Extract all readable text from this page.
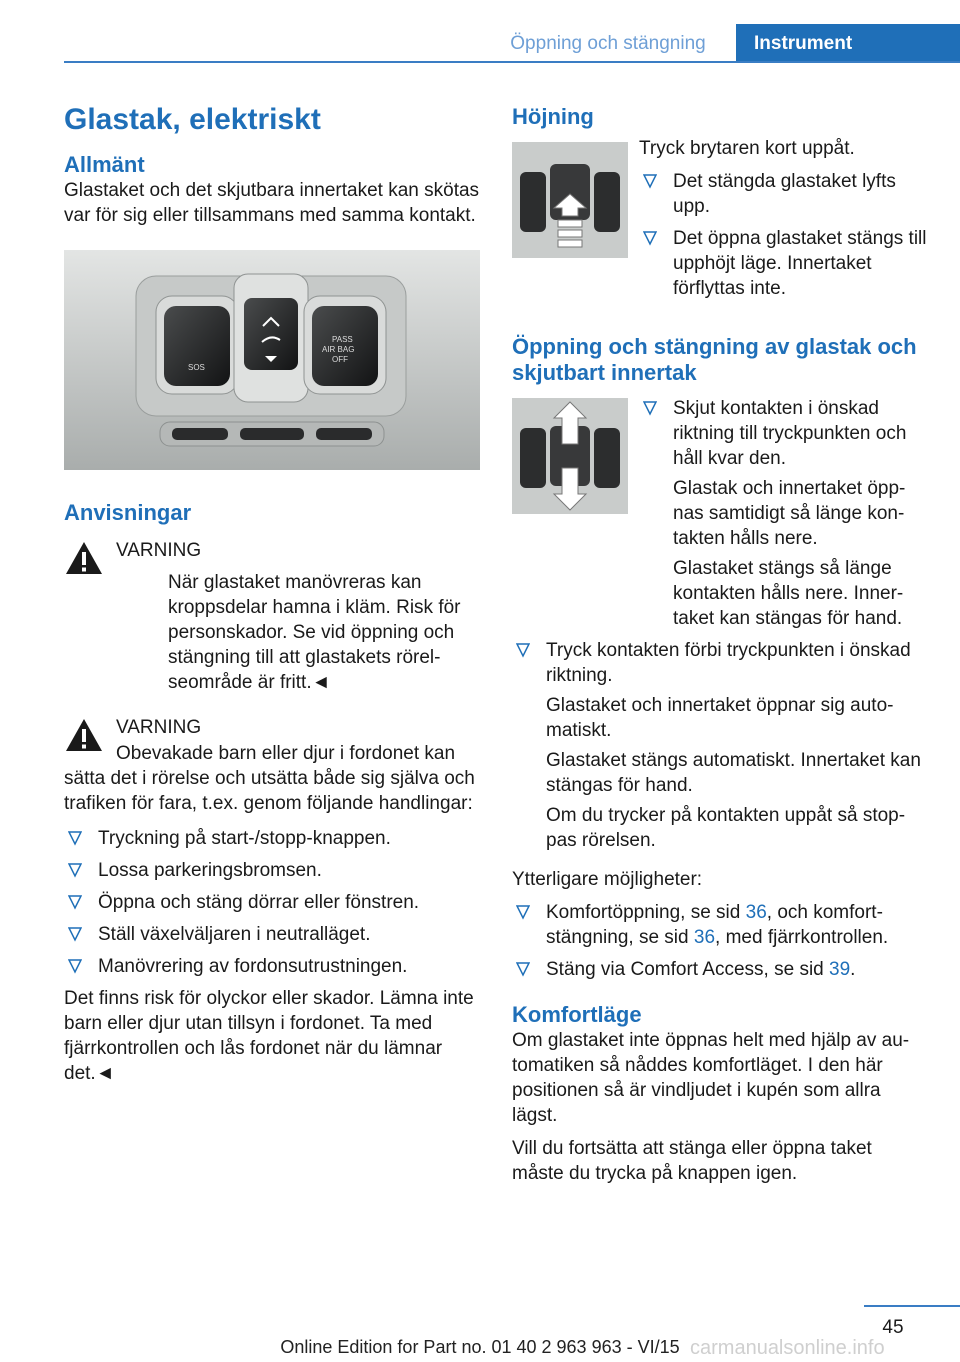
Öppning och stängning	Instrument
Glastak, elektriskt
Allmänt

Glastaket och det skjutbara innertaket kan skötas var för sig eller tillsammans med samma kontakt.

SOS
PASS
AIR BAG
OFF
Anvisningar
VARNING

När glastaket manövreras kan kroppsdelar hamna i kläm. Risk för personskador. Se vid öppning och stängning till att glastakets rörelseområde är fritt.◄

VARNING

Obevakade barn eller djur i fordonet kan sätta det i rörelse och utsätta både sig själva och trafiken för fara, t.ex. genom följande handlingar:

Tryckning på start-/stopp-knappen.
Lossa parkeringsbromsen.
Öppna och stäng dörrar eller fönstren.
Ställ växelväljaren i neutralläget.
Manövrering av fordonsutrustningen.

Det finns risk för olyckor eller skador. Lämna inte barn eller djur utan tillsyn i fordonet. Ta med fjärrkontrollen och lås fordonet när du lämnar det.◄

Höjning

Tryck brytaren kort uppåt.

Det stängda glastaket lyfts upp.
Det öppna glastaket stängs till upphöjt läge. Innertaket förflyttas inte.
Öppning och stängning av glastak och skjutbart innertak
Skjut kontakten i önskad riktning till tryckpunkten och håll kvar den.

Glastak och innertaket öppnas samtidigt så länge kontakten hålls nere.

Glastaket stängs så länge kontakten hålls nere. Innertaket kan stängas för hand.

Tryck kontakten förbi tryckpunkten i önskad riktning.

Glastaket och innertaket öppnar sig automatiskt.

Glastaket stängs automatiskt. Innertaket kan stängas för hand.

Om du trycker på kontakten uppåt så stoppas rörelsen.

Ytterligare möjligheter:

Komfortöppning, se sid 36, och komfortstängning, se sid 36, med fjärrkontrollen.
Stäng via Comfort Access, se sid 39.
Komfortläge

Om glastaket inte öppnas helt med hjälp av automatiken så nåddes komfortläget. I den här positionen så är vindljudet i kupén som allra lägst.

Vill du fortsätta att stänga eller öppna taket måste du trycka på knappen igen.

45
Online Edition for Part no. 01 40 2 963 963 - VI/15 carmanualsonline.info
